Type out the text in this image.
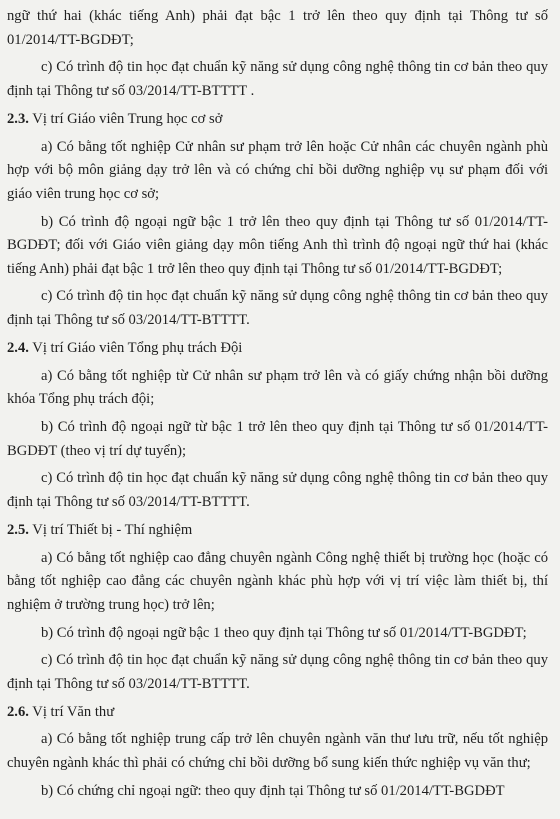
ngữ thứ hai (khác tiếng Anh) phải đạt bậc 1 trở lên theo quy định tại Thông tư số 01/2014/TT-BGDĐT;

c) Có trình độ tin học đạt chuẩn kỹ năng sử dụng công nghệ thông tin cơ bản theo quy định tại Thông tư số 03/2014/TT-BTTTT .

2.3. Vị trí Giáo viên Trung học cơ sở

a) Có bằng tốt nghiệp Cử nhân sư phạm trở lên hoặc Cử nhân các chuyên ngành phù hợp với bộ môn giảng dạy trở lên và có chứng chỉ bồi dưỡng nghiệp vụ sư phạm đối với giáo viên trung học cơ sở;

b) Có trình độ ngoại ngữ bậc 1 trở lên theo quy định tại Thông tư số 01/2014/TT-BGDĐT; đối với Giáo viên giảng dạy môn tiếng Anh thì trình độ ngoại ngữ thứ hai (khác tiếng Anh) phải đạt bậc 1 trở lên theo quy định tại Thông tư số 01/2014/TT-BGDĐT;

c) Có trình độ tin học đạt chuẩn kỹ năng sử dụng công nghệ thông tin cơ bản theo quy định tại Thông tư số 03/2014/TT-BTTTT.

2.4. Vị trí Giáo viên Tổng phụ trách Đội

a) Có bằng tốt nghiệp từ Cử nhân sư phạm trở lên và có giấy chứng nhận bồi dưỡng khóa Tổng phụ trách đội;

b) Có trình độ ngoại ngữ từ bậc 1 trở lên theo quy định tại Thông tư số 01/2014/TT-BGDĐT (theo vị trí dự tuyển);

c) Có trình độ tin học đạt chuẩn kỹ năng sử dụng công nghệ thông tin cơ bản theo quy định tại Thông tư số 03/2014/TT-BTTTT.

2.5. Vị trí Thiết bị - Thí nghiệm

a) Có bằng tốt nghiệp cao đẳng chuyên ngành Công nghệ thiết bị trường học (hoặc có bằng tốt nghiệp cao đẳng các chuyên ngành khác phù hợp với vị trí việc làm thiết bị, thí nghiệm ở trường trung học) trở lên;

b) Có trình độ ngoại ngữ bậc 1 theo quy định tại Thông tư số 01/2014/TT-BGDĐT;

c) Có trình độ tin học đạt chuẩn kỹ năng sử dụng công nghệ thông tin cơ bản theo quy định tại Thông tư số 03/2014/TT-BTTTT.

2.6. Vị trí Văn thư

a) Có bằng tốt nghiệp trung cấp trở lên chuyên ngành văn thư lưu trữ, nếu tốt nghiệp chuyên ngành khác thì phải có chứng chỉ bồi dưỡng bổ sung kiến thức nghiệp vụ văn thư;

b) Có chứng chỉ ngoại ngữ: theo quy định tại Thông tư số 01/2014/TT-BGDĐT
